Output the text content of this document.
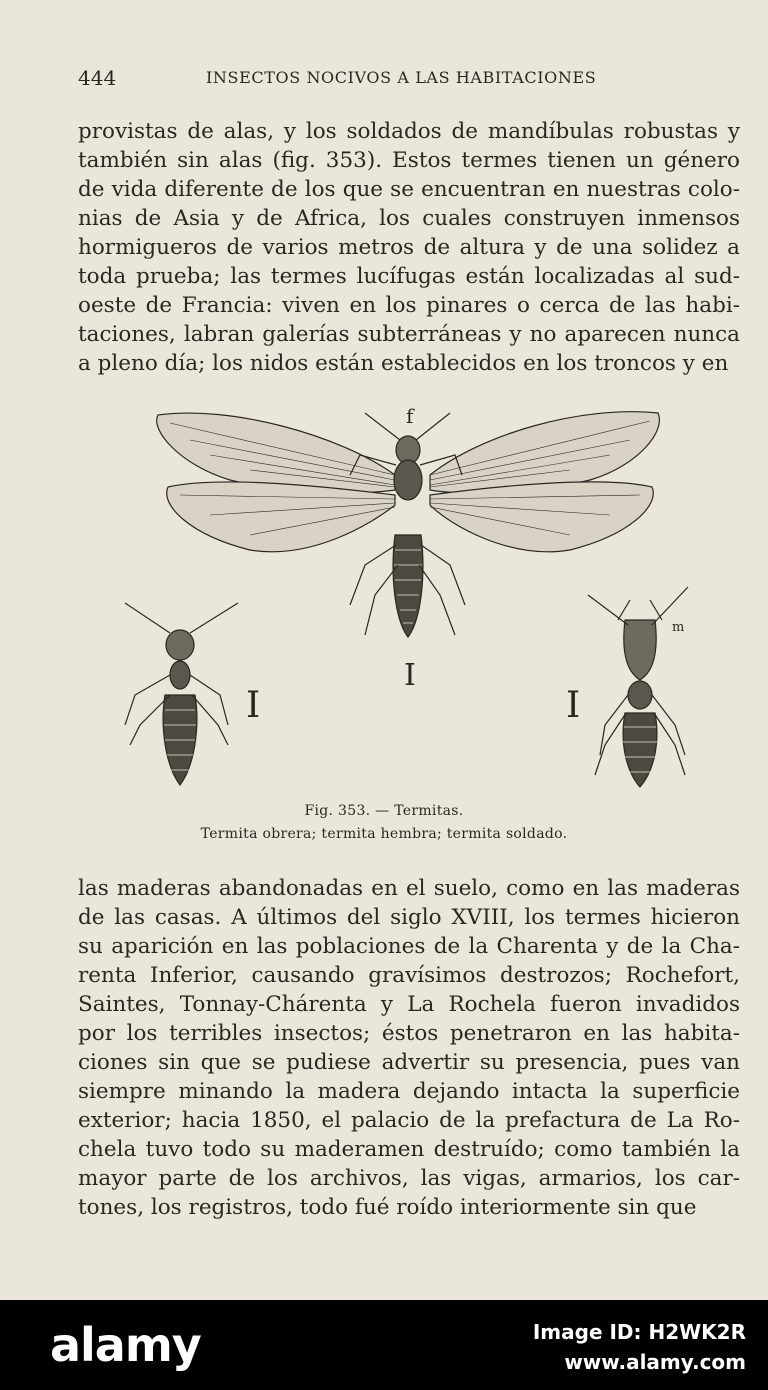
444	INSECTOS NOCIVOS A LAS HABITACIONES
provistas de alas, y los soldados de mandíbulas robustas y
también sin alas (fig. 353). Estos termes tienen un género
de vida diferente de los que se encuentran en nuestras colo-
nias de Asia y de Africa, los cuales construyen inmensos
hormigueros de varios metros de altura y de una solidez a
toda prueba; las termes lucífugas están localizadas al sud-
oeste de Francia: viven en los pinares o cerca de las habi-
taciones, labran galerías subterráneas y no aparecen nunca
a pleno día; los nidos están establecidos en los troncos y en
f
I	I
I
m
Fig. 353. — Termitas.
Termita obrera; termita hembra; termita soldado.
las maderas abandonadas en el suelo, como en las maderas
de las casas. A últimos del siglo XVIII, los termes hicieron
su aparición en las poblaciones de la Charenta y de la Cha-
renta Inferior, causando gravísimos destrozos; Rochefort,
Saintes, Tonnay-Chárenta y La Rochela fueron invadidos
por los terribles insectos; éstos penetraron en las habita-
ciones sin que se pudiese advertir su presencia, pues van
siempre minando la madera dejando intacta la superficie
exterior; hacia 1850, el palacio de la prefactura de La Ro-
chela tuvo todo su maderamen destruído; como también la
mayor parte de los archivos, las vigas, armarios, los car-
tones, los registros, todo fué roído interiormente sin que
alamy	Image ID: H2WK2R
www.alamy.com
